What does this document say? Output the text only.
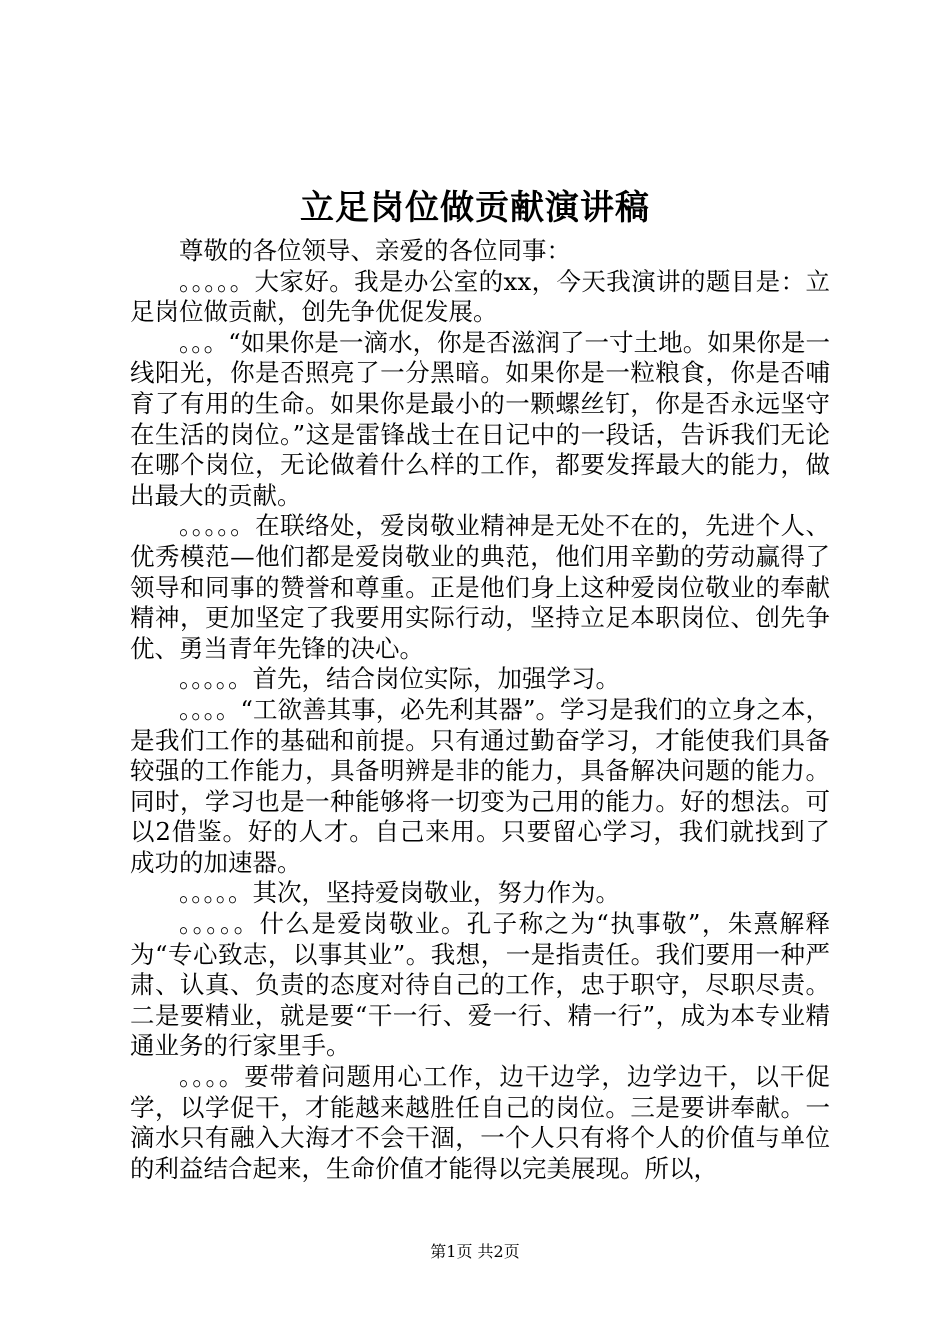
立足岗位做贡献演讲稿

尊敬的各位领导、亲爱的各位同事：

。。。。。大家好。我是办公室的xx，今天我演讲的题目是：立足岗位做贡献，创先争优促发展。

。。。“如果你是一滴水，你是否滋润了一寸土地。如果你是一线阳光，你是否照亮了一分黑暗。如果你是一粒粮食，你是否哺育了有用的生命。如果你是最小的一颗螺丝钉，你是否永远坚守在生活的岗位。”这是雷锋战士在日记中的一段话，告诉我们无论在哪个岗位，无论做着什么样的工作，都要发挥最大的能力，做出最大的贡献。

。。。。。在联络处，爱岗敬业精神是无处不在的，先进个人、优秀模范—他们都是爱岗敬业的典范，他们用辛勤的劳动赢得了领导和同事的赞誉和尊重。正是他们身上这种爱岗位敬业的奉献精神，更加坚定了我要用实际行动，坚持立足本职岗位、创先争优、勇当青年先锋的决心。

。。。。。首先，结合岗位实际，加强学习。

。。。。“工欲善其事，必先利其器”。学习是我们的立身之本，是我们工作的基础和前提。只有通过勤奋学习，才能使我们具备较强的工作能力，具备明辨是非的能力，具备解决问题的能力。同时，学习也是一种能够将一切变为己用的能力。好的想法。可以2借鉴。好的人才。自己来用。只要留心学习，我们就找到了成功的加速器。

。。。。。其次，坚持爱岗敬业，努力作为。

。。。。。什么是爱岗敬业。孔子称之为“执事敬”，朱熹解释为“专心致志，以事其业”。我想，一是指责任。我们要用一种严肃、认真、负责的态度对待自己的工作，忠于职守，尽职尽责。二是要精业，就是要“干一行、爱一行、精一行”，成为本专业精通业务的行家里手。

。。。。要带着问题用心工作，边干边学，边学边干，以干促学，以学促干，才能越来越胜任自己的岗位。三是要讲奉献。一滴水只有融入大海才不会干涸，一个人只有将个人的价值与单位的利益结合起来，生命价值才能得以完美展现。所以，

第1页 共2页
